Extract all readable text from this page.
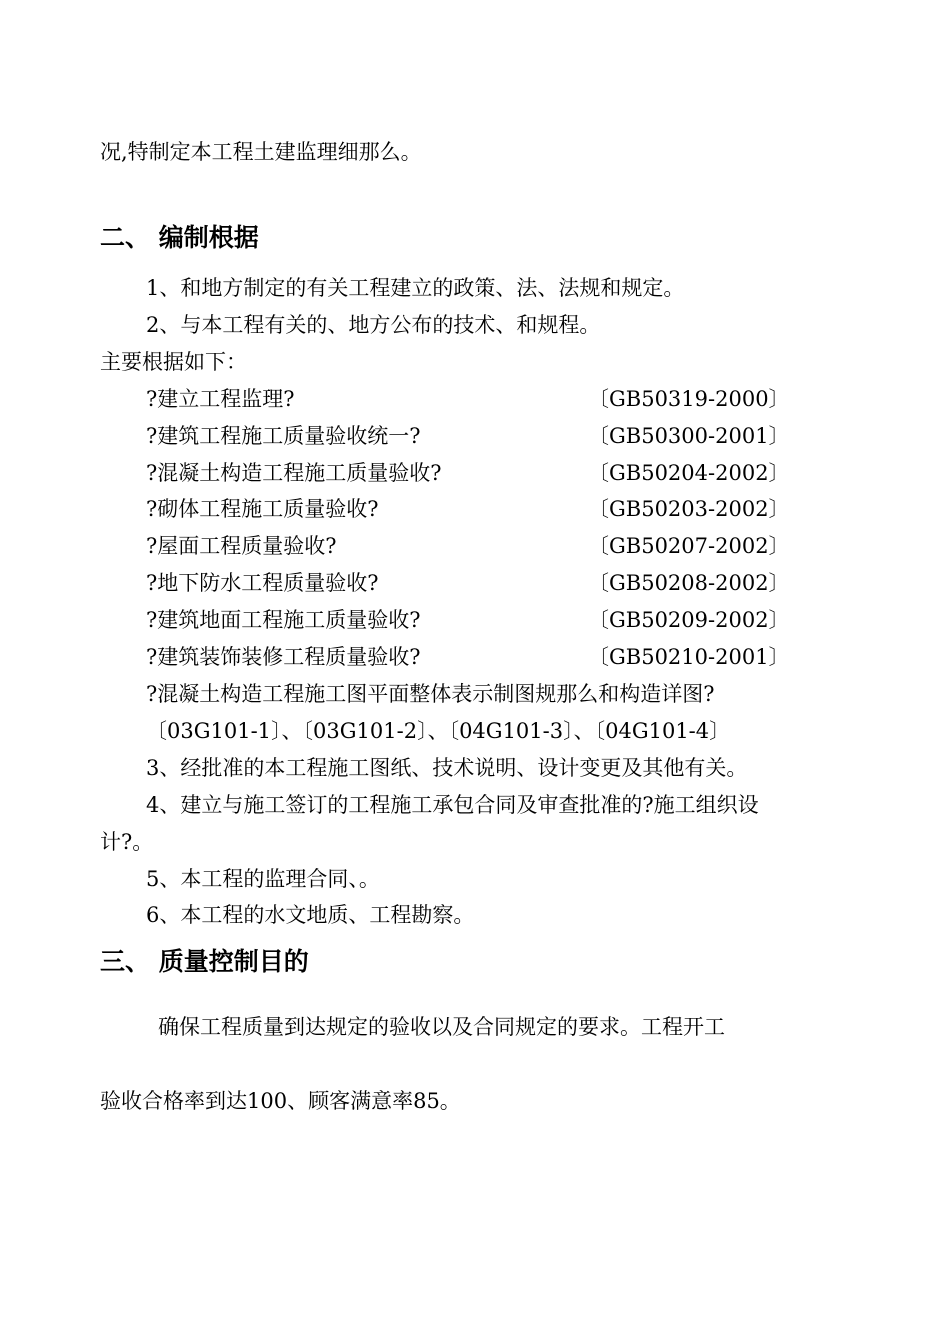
况,特制定本工程土建监理细那么。
二、 编制根据
1、和地方制定的有关工程建立的政策、法、法规和规定。
2、与本工程有关的、地方公布的技术、和规程。
主要根据如下：
?建立工程监理?	〔GB50319-2000〕
?建筑工程施工质量验收统一?	〔GB50300-2001〕
?混凝土构造工程施工质量验收?	〔GB50204-2002〕
?砌体工程施工质量验收?	〔GB50203-2002〕
?屋面工程质量验收?	〔GB50207-2002〕
?地下防水工程质量验收?	〔GB50208-2002〕
?建筑地面工程施工质量验收?	〔GB50209-2002〕
?建筑装饰装修工程质量验收?	〔GB50210-2001〕
?混凝土构造工程施工图平面整体表示制图规那么和构造详图?
〔03G101-1〕、〔03G101-2〕、〔04G101-3〕、〔04G101-4〕
3、经批准的本工程施工图纸、技术说明、设计变更及其他有关。
4、建立与施工签订的工程施工承包合同及审查批准的?施工组织设
计?。
5、本工程的监理合同、。
6、本工程的水文地质、工程勘察。
三、 质量控制目的
确保工程质量到达规定的验收以及合同规定的要求。工程开工
验收合格率到达100、顾客满意率85。
